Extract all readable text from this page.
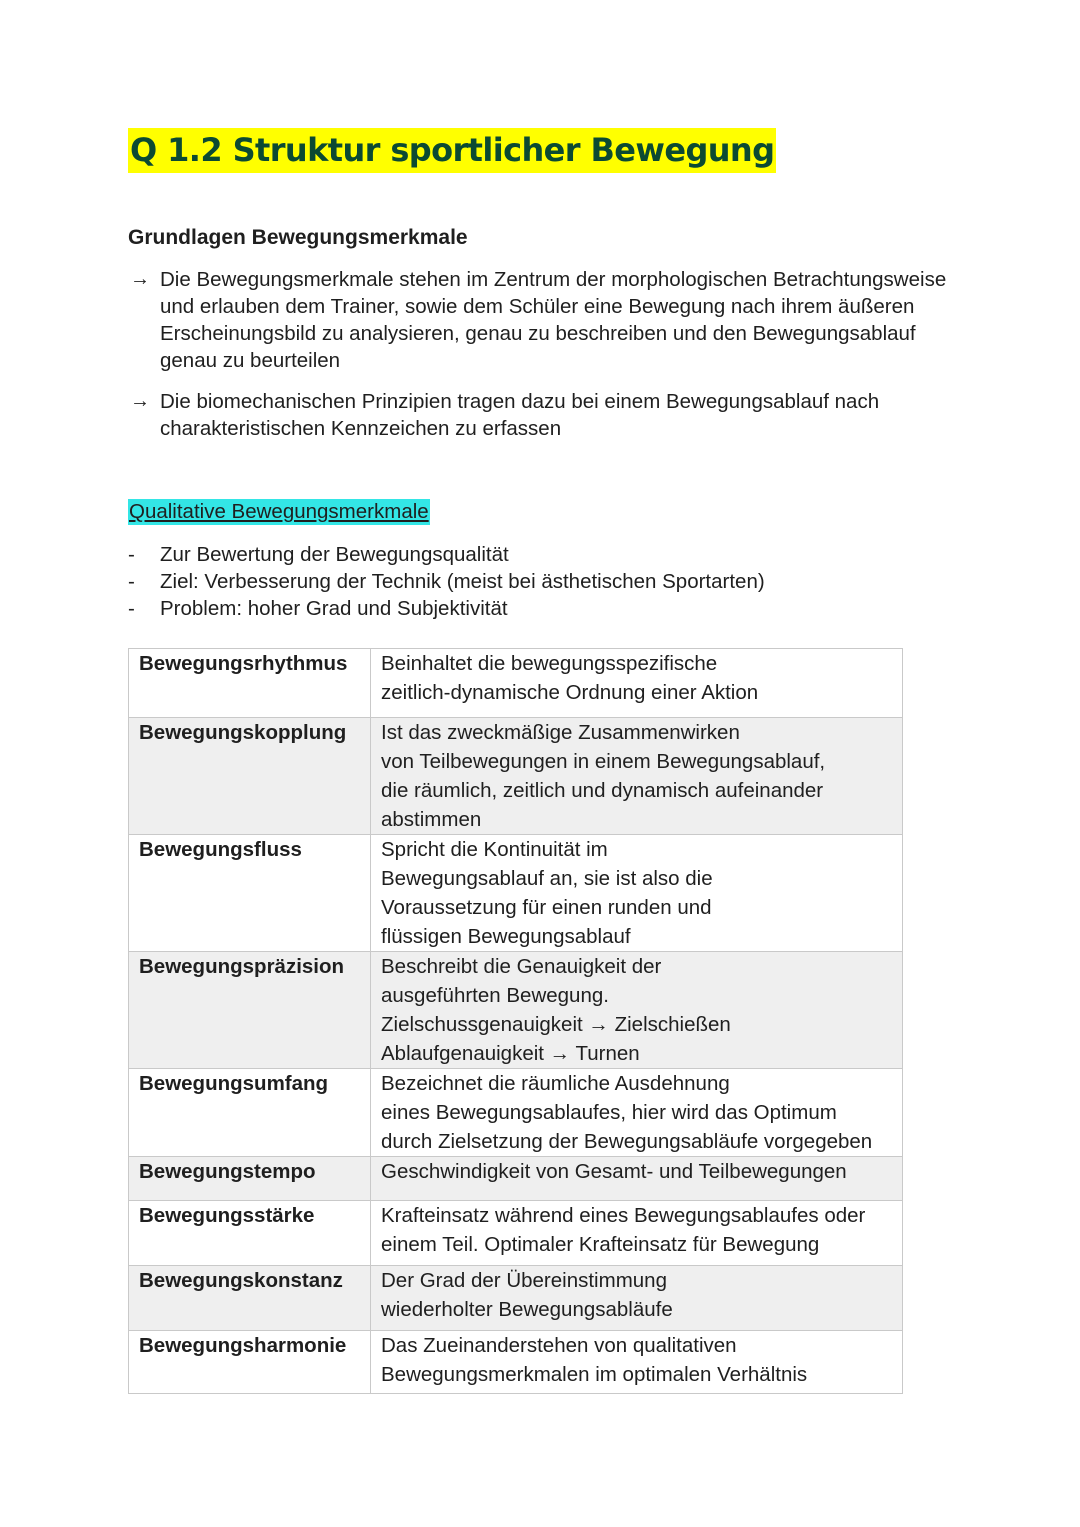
Q 1.2 Struktur sportlicher Bewegung
Grundlagen Bewegungsmerkmale
→ Die Bewegungsmerkmale stehen im Zentrum der morphologischen Betrachtungsweise
und erlauben dem Trainer, sowie dem Schüler eine Bewegung nach ihrem äußeren
Erscheinungsbild zu analysieren, genau zu beschreiben und den Bewegungsablauf
genau zu beurteilen
→ Die biomechanischen Prinzipien tragen dazu bei einem Bewegungsablauf nach
charakteristischen Kennzeichen zu erfassen
Qualitative Bewegungsmerkmale
- Zur Bewertung der Bewegungsqualität
- Ziel: Verbesserung der Technik (meist bei ästhetischen Sportarten)
- Problem: hoher Grad und Subjektivität
Bewegungsrhythmus	Beinhaltet die bewegungsspezifische
zeitlich-dynamische Ordnung einer Aktion

Bewegungskopplung	Ist das zweckmäßige Zusammenwirken
von Teilbewegungen in einem Bewegungsablauf,
die räumlich, zeitlich und dynamisch aufeinander
abstimmen

Bewegungsfluss	Spricht die Kontinuität im
Bewegungsablauf an, sie ist also die
Voraussetzung für einen runden und
flüssigen Bewegungsablauf

Bewegungspräzision	Beschreibt die Genauigkeit der
ausgeführten Bewegung.
Zielschussgenauigkeit → Zielschießen
Ablaufgenauigkeit → Turnen

Bewegungsumfang	Bezeichnet die räumliche Ausdehnung
eines Bewegungsablaufes, hier wird das Optimum
durch Zielsetzung der Bewegungsabläufe vorgegeben

Bewegungstempo	Geschwindigkeit von Gesamt- und Teilbewegungen

Bewegungsstärke	Krafteinsatz während eines Bewegungsablaufes oder
einem Teil. Optimaler Krafteinsatz für Bewegung

Bewegungskonstanz	Der Grad der Übereinstimmung
wiederholter Bewegungsabläufe

Bewegungsharmonie	Das Zueinanderstehen von qualitativen
Bewegungsmerkmalen im optimalen Verhältnis
